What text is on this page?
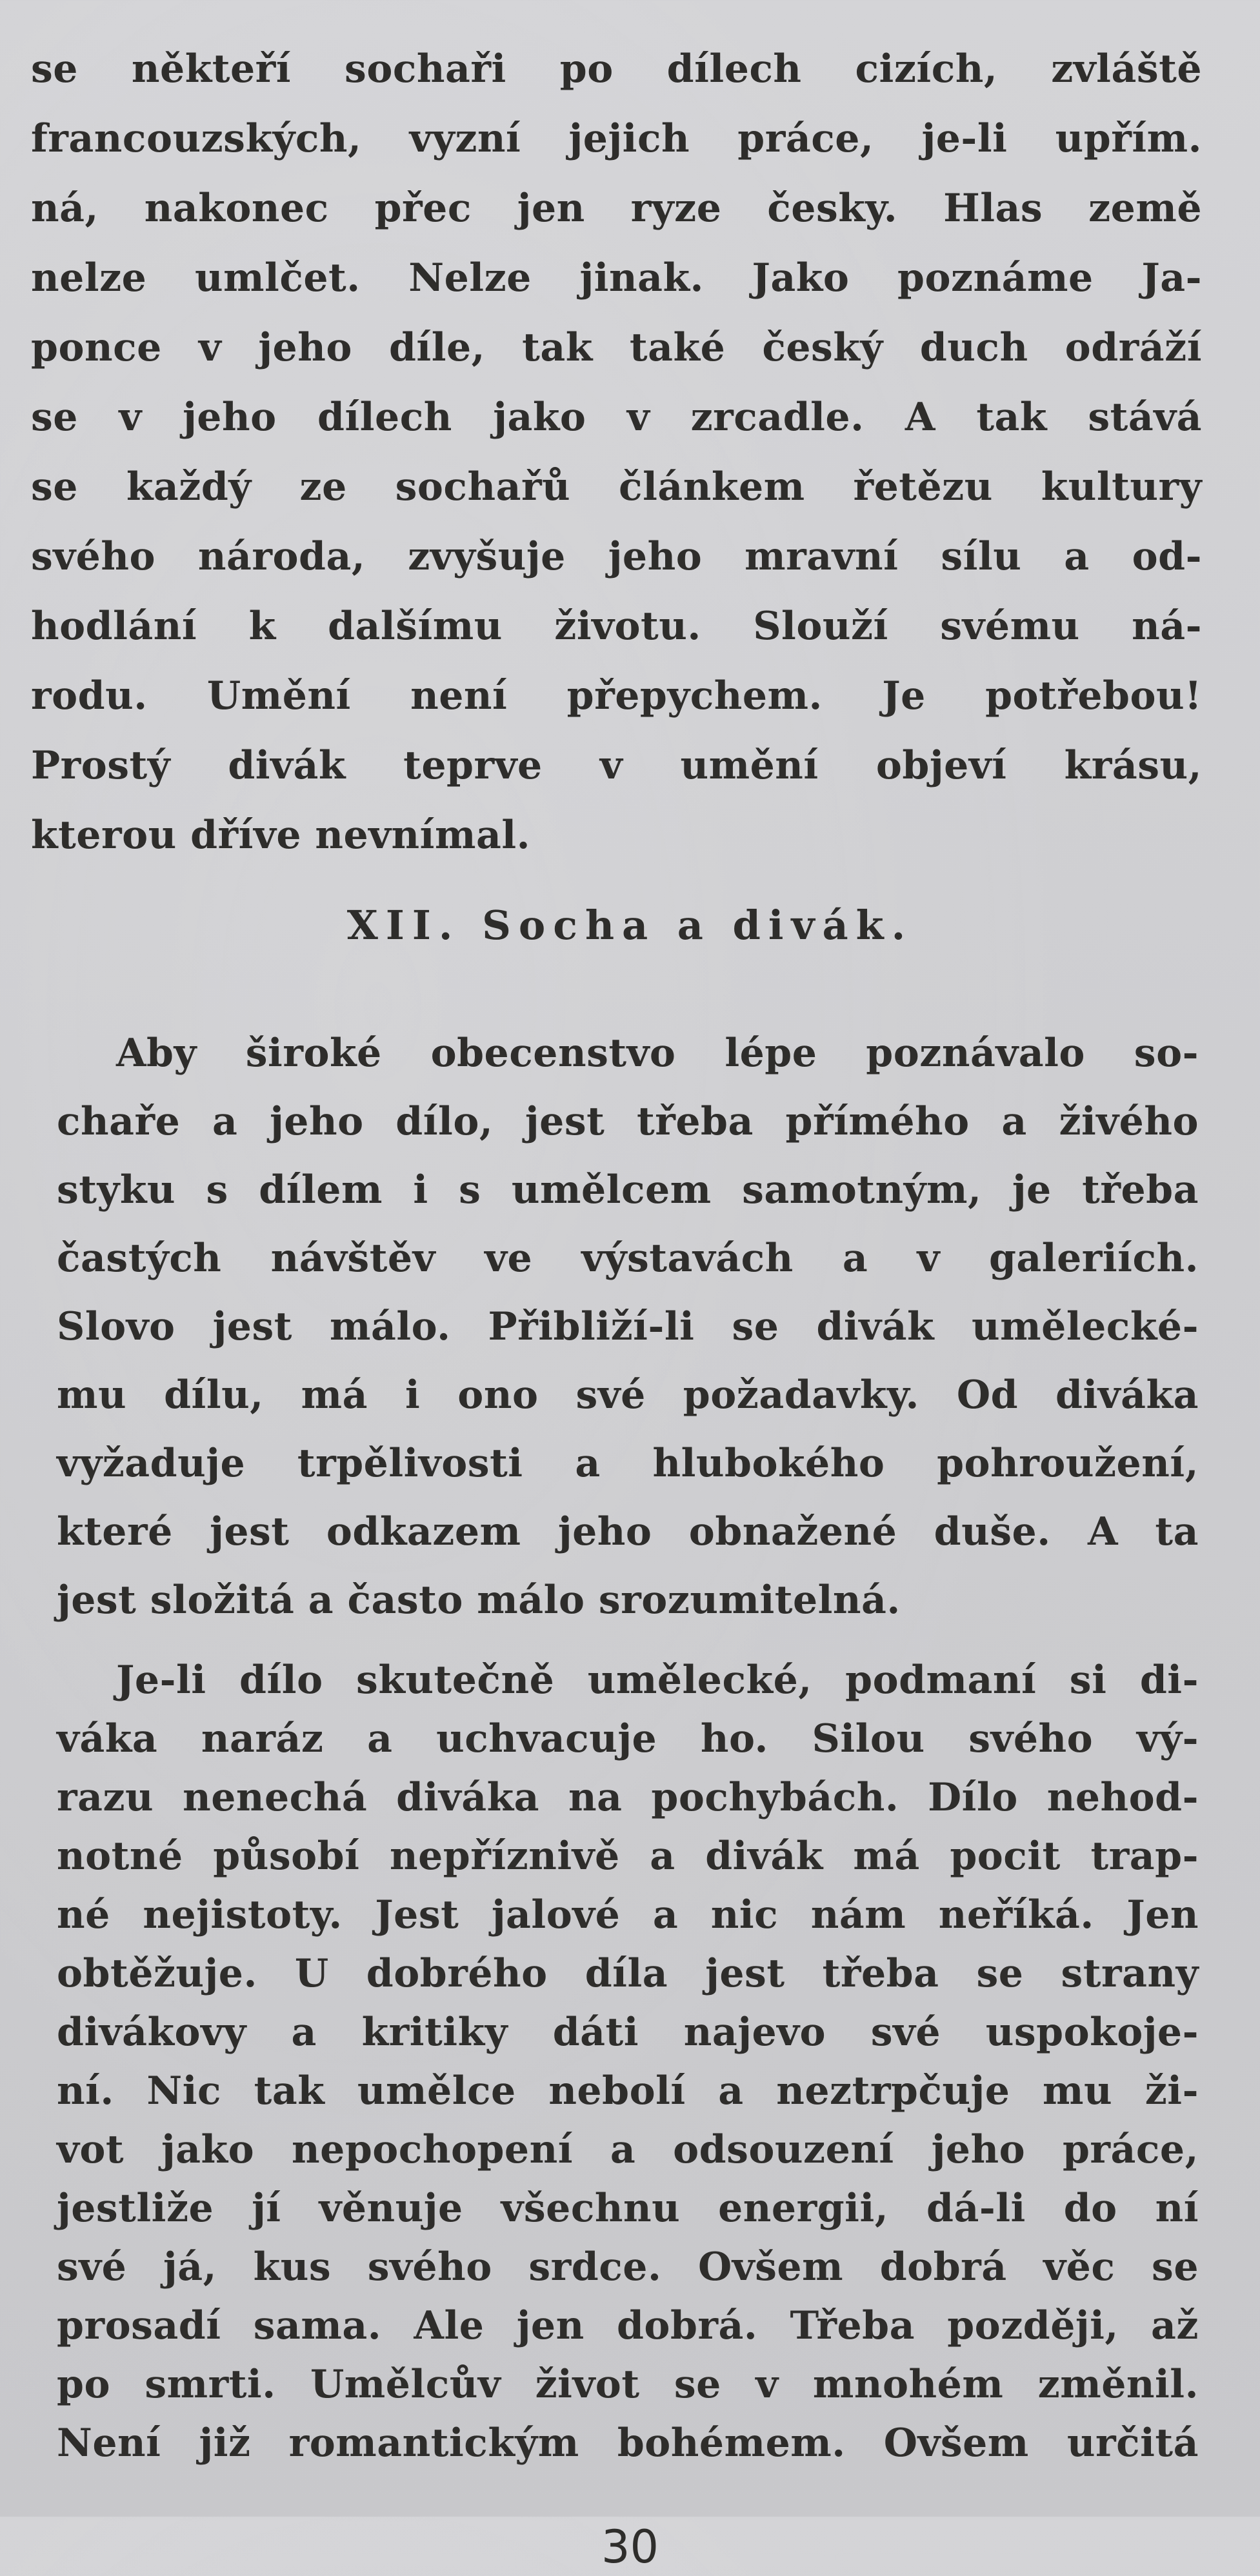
se někteří sochaři po dílech cizích, zvláště
francouzských, vyzní jejich práce, je-li upřím.
ná, nakonec přec jen ryze česky. Hlas země
nelze umlčet. Nelze jinak. Jako poznáme Ja-
ponce v jeho díle, tak také český duch odráží
se v jeho dílech jako v zrcadle. A tak stává
se každý ze sochařů článkem řetězu kultury
svého národa, zvyšuje jeho mravní sílu a od-
hodlání k dalšímu životu. Slouží svému ná-
rodu. Umění není přepychem. Je potřebou!
Prostý divák teprve v umění objeví krásu,
kterou dříve nevnímal.
XII. Socha a divák.
Aby široké obecenstvo lépe poznávalo so-
chaře a jeho dílo, jest třeba přímého a živého
styku s dílem i s umělcem samotným, je třeba
častých návštěv ve výstavách a v galeriích.
Slovo jest málo. Přibliží-li se divák umělecké-
mu dílu, má i ono své požadavky. Od diváka
vyžaduje trpělivosti a hlubokého pohroužení,
které jest odkazem jeho obnažené duše. A ta
jest složitá a často málo srozumitelná.
Je-li dílo skutečně umělecké, podmaní si di-
váka naráz a uchvacuje ho. Silou svého vý-
razu nenechá diváka na pochybách. Dílo nehod-
notné působí nepříznivě a divák má pocit trap-
né nejistoty. Jest jalové a nic nám neříká. Jen
obtěžuje. U dobrého díla jest třeba se strany
divákovy a kritiky dáti najevo své uspokoje-
ní. Nic tak umělce nebolí a neztrpčuje mu ži-
vot jako nepochopení a odsouzení jeho práce,
jestliže jí věnuje všechnu energii, dá-li do ní
své já, kus svého srdce. Ovšem dobrá věc se
prosadí sama. Ale jen dobrá. Třeba později, až
po smrti. Umělcův život se v mnohém změnil.
Není již romantickým bohémem. Ovšem určitá
30
